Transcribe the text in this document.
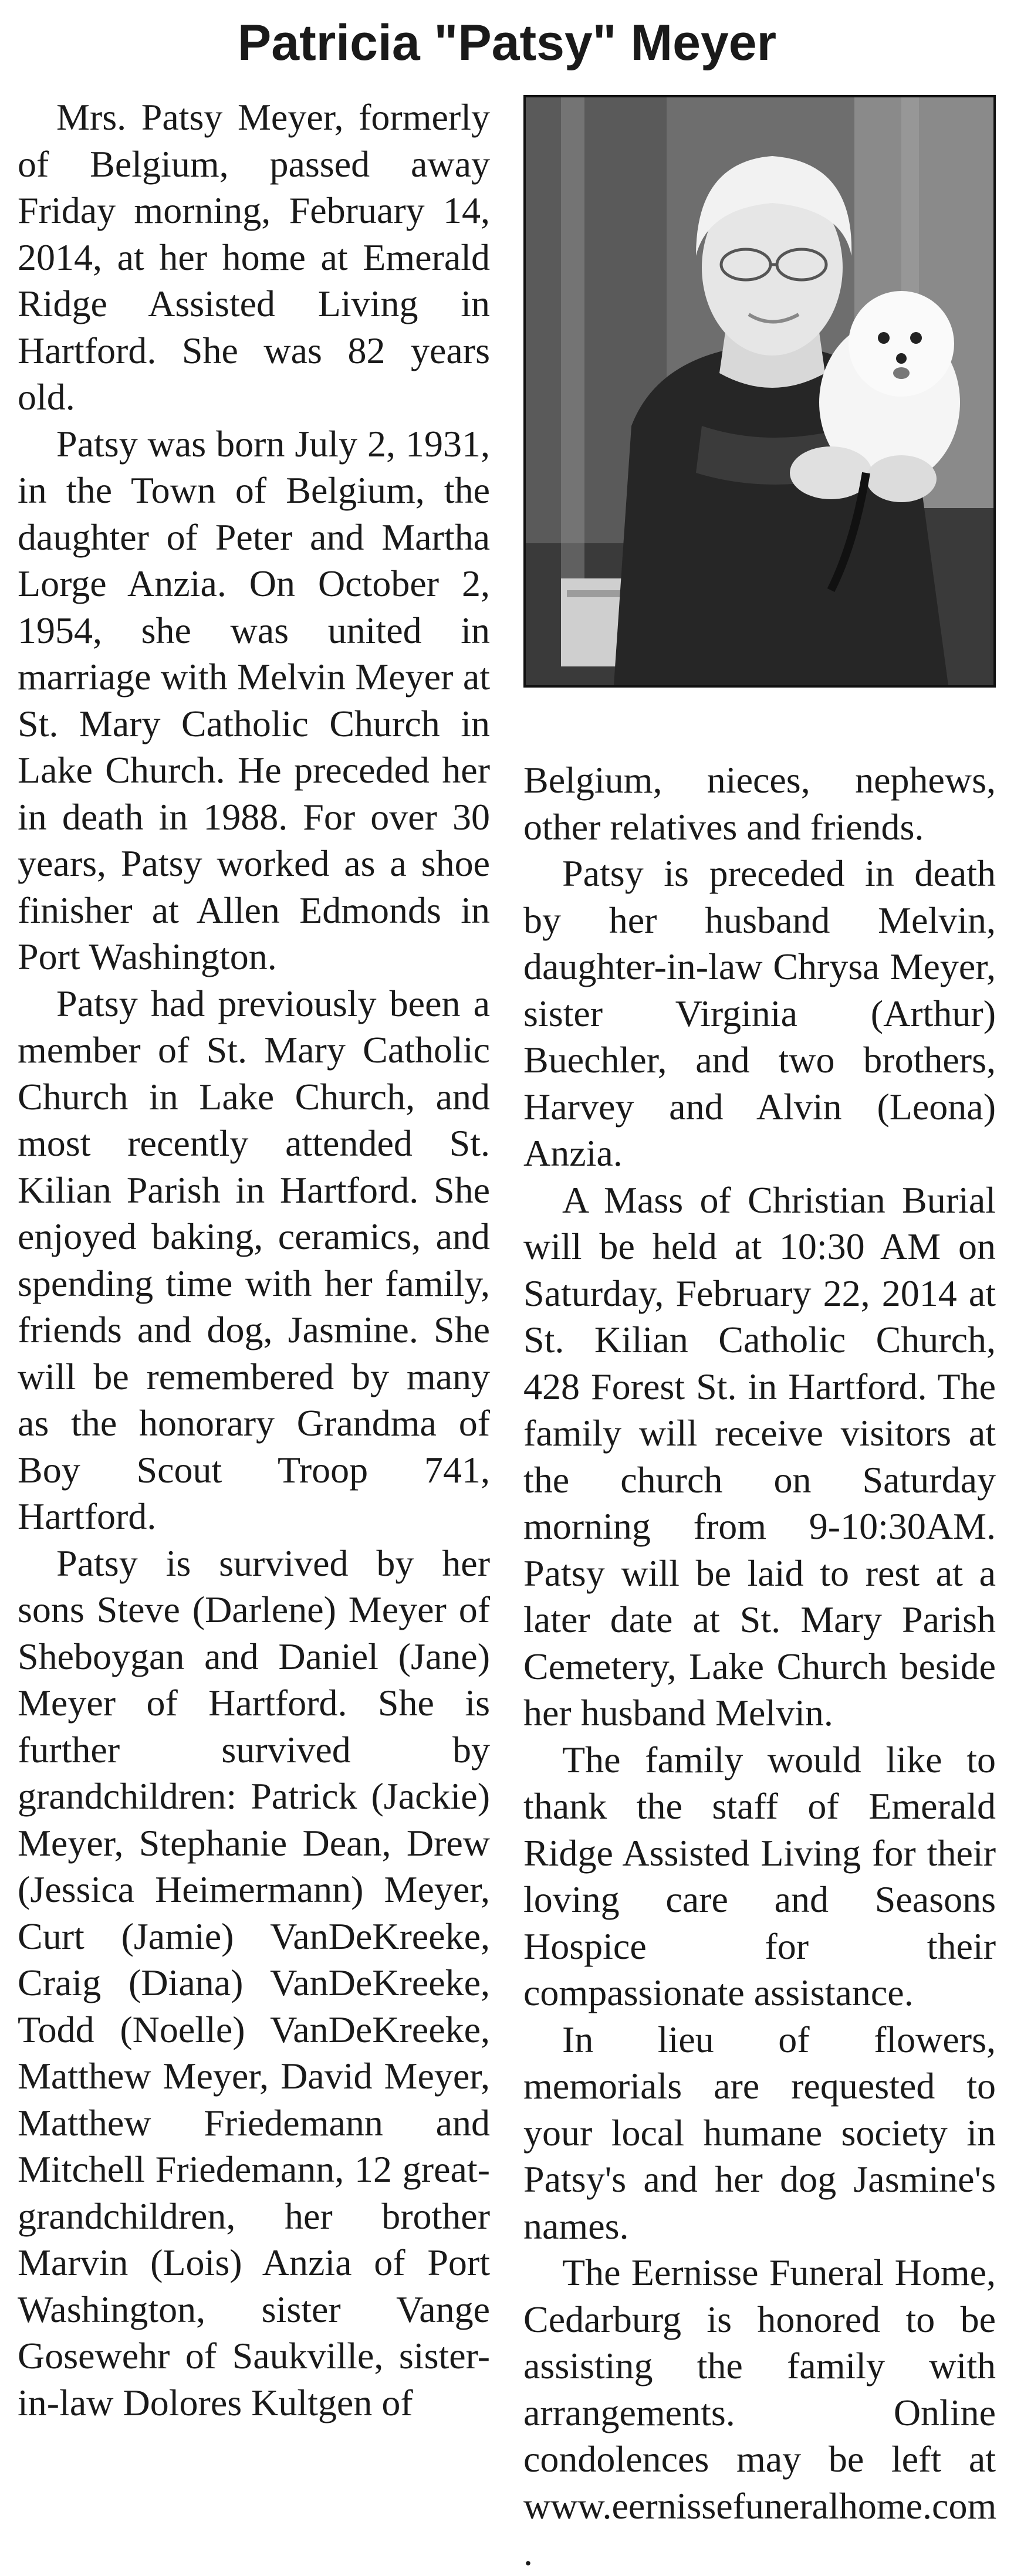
Patricia "Patsy" Meyer

Mrs. Patsy Meyer, formerly of Belgium, passed away Friday morning, February 14, 2014, at her home at Emerald Ridge Assisted Living in Hartford. She was 82 years old.

Patsy was born July 2, 1931, in the Town of Belgium, the daughter of Peter and Martha Lorge Anzia. On October 2, 1954, she was united in marriage with Melvin Meyer at St. Mary Catholic Church in Lake Church. He preceded her in death in 1988. For over 30 years, Patsy worked as a shoe finisher at Allen Edmonds in Port Washington.

Patsy had previously been a member of St. Mary Catholic Church in Lake Church, and most recently attended St. Kilian Parish in Hartford. She enjoyed baking, ceramics, and spending time with her family, friends and dog, Jasmine. She will be remembered by many as the honorary Grandma of Boy Scout Troop 741, Hartford.

Patsy is survived by her sons Steve (Darlene) Meyer of Sheboygan and Daniel (Jane) Meyer of Hartford. She is further survived by grandchildren: Patrick (Jackie) Meyer, Stephanie Dean, Drew (Jessica Heimermann) Meyer, Curt (Jamie) VanDeKreeke, Craig (Diana) VanDeKreeke, Todd (Noelle) VanDeKreeke, Matthew Meyer, David Meyer, Matthew Friedemann and Mitchell Friedemann, 12 great-grandchildren, her brother Marvin (Lois) Anzia of Port Washington, sister Vange Gosewehr of Saukville, sister-in-law Dolores Kultgen of

Belgium, nieces, nephews, other relatives and friends.

Patsy is preceded in death by her husband Melvin, daughter-in-law Chrysa Meyer, sister Virginia (Arthur) Buechler, and two brothers, Harvey and Alvin (Leona) Anzia.

A Mass of Christian Burial will be held at 10:30 AM on Saturday, February 22, 2014 at St. Kilian Catholic Church, 428 Forest St. in Hartford. The family will receive visitors at the church on Saturday morning from 9-10:30AM. Patsy will be laid to rest at a later date at St. Mary Parish Cemetery, Lake Church beside her husband Melvin.

The family would like to thank the staff of Emerald Ridge Assisted Living for their loving care and Seasons Hospice for their compassionate assistance.

In lieu of flowers, memorials are requested to your local humane society in Patsy's and her dog Jasmine's names.

The Eernisse Funeral Home, Cedarburg is honored to be assisting the family with arrangements. Online condolences may be left at www.eernissefuneralhome.com .
